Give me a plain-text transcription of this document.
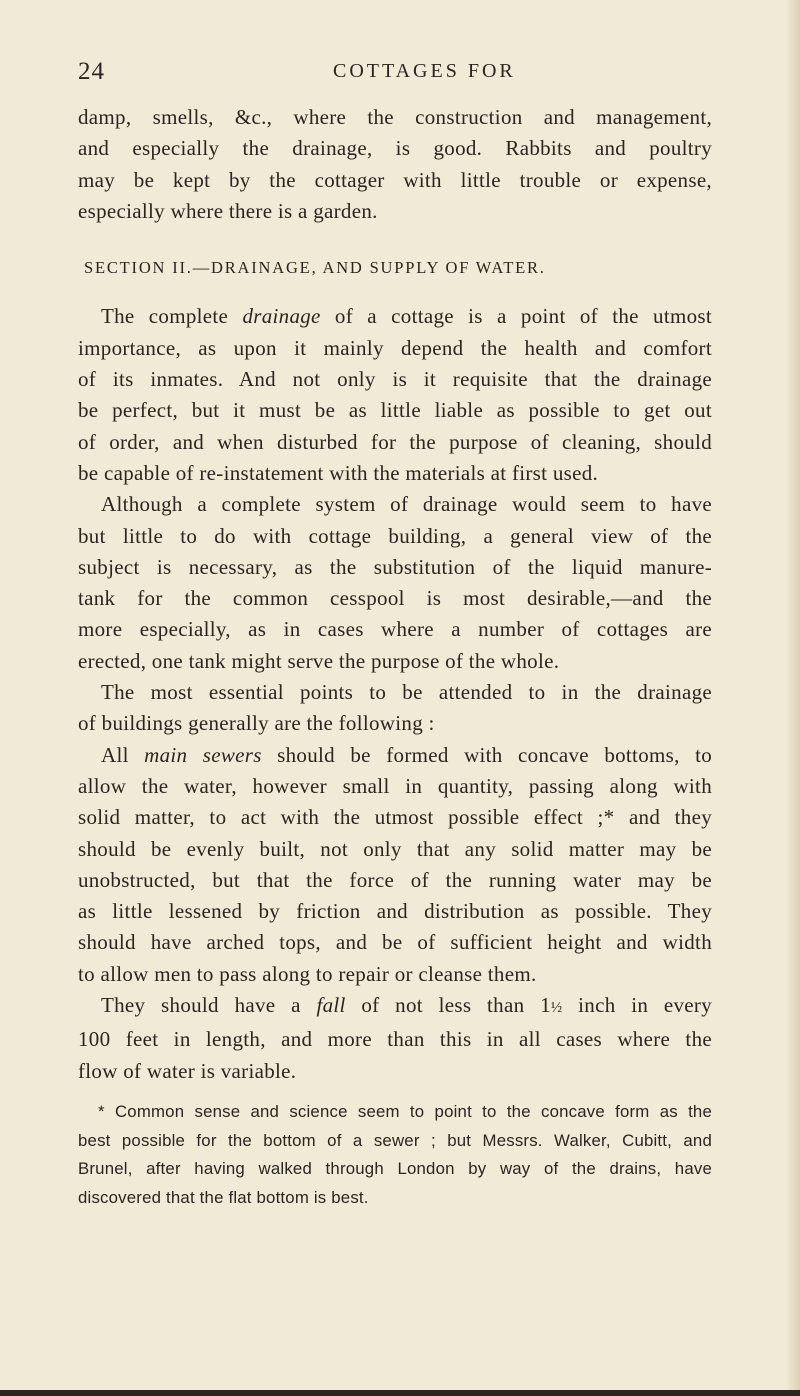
24	COTTAGES FOR
damp, smells, &c., where the construction and management,
and especially the drainage, is good. Rabbits and poultry
may be kept by the cottager with little trouble or expense,
especially where there is a garden.
SECTION II.—DRAINAGE, AND SUPPLY OF WATER.
The complete drainage of a cottage is a point of the utmost
importance, as upon it mainly depend the health and comfort
of its inmates. And not only is it requisite that the drainage
be perfect, but it must be as little liable as possible to get out
of order, and when disturbed for the purpose of cleaning, should
be capable of re-instatement with the materials at first used.
Although a complete system of drainage would seem to have
but little to do with cottage building, a general view of the
subject is necessary, as the substitution of the liquid manure-
tank for the common cesspool is most desirable,—and the
more especially, as in cases where a number of cottages are
erected, one tank might serve the purpose of the whole.
The most essential points to be attended to in the drainage
of buildings generally are the following :
All main sewers should be formed with concave bottoms, to
allow the water, however small in quantity, passing along with
solid matter, to act with the utmost possible effect ;* and they
should be evenly built, not only that any solid matter may be
unobstructed, but that the force of the running water may be
as little lessened by friction and distribution as possible. They
should have arched tops, and be of sufficient height and width
to allow men to pass along to repair or cleanse them.
They should have a fall of not less than 1½ inch in every
100 feet in length, and more than this in all cases where the
flow of water is variable.
* Common sense and science seem to point to the concave form as the
best possible for the bottom of a sewer ; but Messrs. Walker, Cubitt, and
Brunel, after having walked through London by way of the drains, have
discovered that the flat bottom is best.
